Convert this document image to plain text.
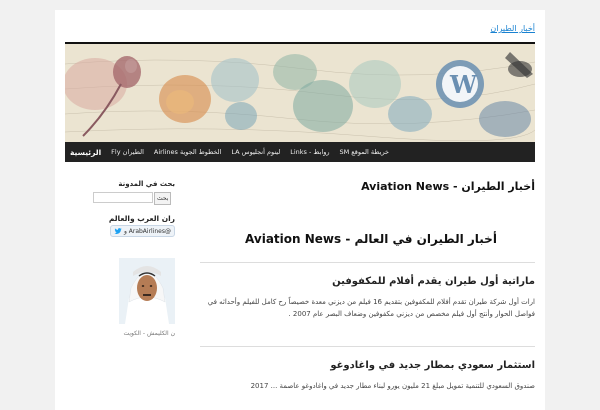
أخبار الطيران
W
الرئيسية	الطيران Fly	الخطوط الجوية Airlines	لينوم أنجليوس LA	روابط - Links	خريطة الموقع SM
أخبار الطيران - Aviation News
أخبار الطيران في العالم - Aviation News
ماراتية أول طيران يقدم أفلام للمكفوفين
ارات أول شركة طيران تقدم أفلام للمكفوفين بتقديم 16 فيلم من ديزني معدة خصيصاً رح كامل للفيلم وأحداثه في فواصل الحوار وأنتج أول فيلم مخصص من ديزني مكفوفين وضعاف البصر عام 2007 .
استثمار سعودي بمطار جديد في واغادوغو
صندوق السعودي للتنمية تمويل مبلغ 21 مليون يورو لبناء مطار جديد في واغادوغو عاصمة ... 2017
بحث في المدونة
بحث
ران العرب والعالم
@ArabAirlines و
ن الكليمش - الكويت
